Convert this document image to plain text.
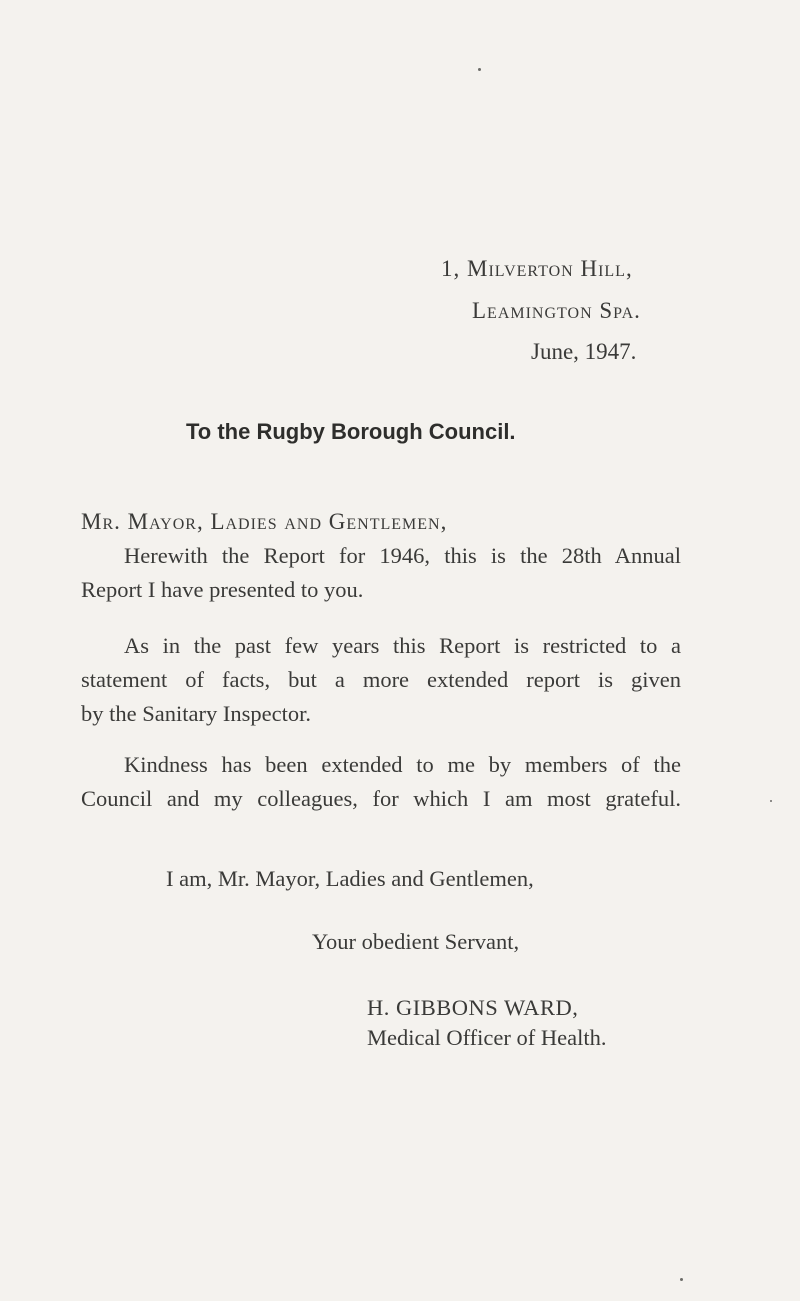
1, Milverton Hill,
Leamington Spa.
June, 1947.
To the Rugby Borough Council.
Mr. Mayor, Ladies and Gentlemen,
Herewith the Report for 1946, this is the 28th Annual
Report I have presented to you.
As in the past few years this Report is restricted to a
statement of facts, but a more extended report is given
by the Sanitary Inspector.
Kindness has been extended to me by members of the
Council and my colleagues, for which I am most grateful.
I am, Mr. Mayor, Ladies and Gentlemen,
Your obedient Servant,
H. GIBBONS WARD,
Medical Officer of Health.
